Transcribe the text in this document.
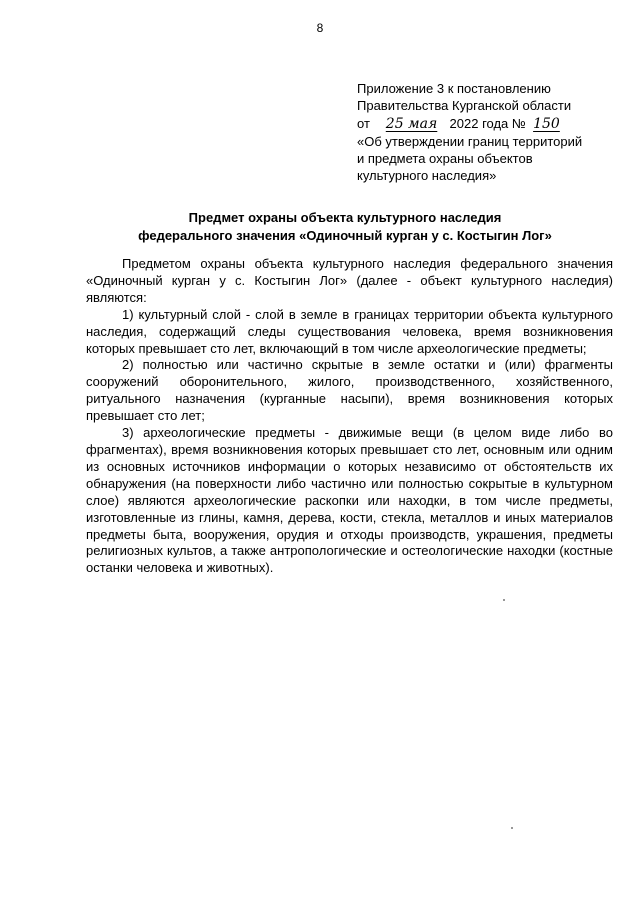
8
Приложение 3 к постановлению
Правительства Курганской области
от 25 мая 2022 года № 150
«Об утверждении границ территорий
и предмета охраны объектов
культурного наследия»
Предмет охраны объекта культурного наследия
федерального значения «Одиночный курган у с. Костыгин Лог»

Предметом охраны объекта культурного наследия федерального значения «Одиночный курган у с. Костыгин Лог» (далее - объект культурного наследия) являются:

1) культурный слой - слой в земле в границах территории объекта культурного наследия, содержащий следы существования человека, время возникновения которых превышает сто лет, включающий в том числе археологические предметы;

2) полностью или частично скрытые в земле остатки и (или) фрагменты сооружений оборонительного, жилого, производственного, хозяйственного, ритуального назначения (курганные насыпи), время возникновения которых превышает сто лет;

3) археологические предметы - движимые вещи (в целом виде либо во фрагментах), время возникновения которых превышает сто лет, основным или одним из основных источников информации о которых независимо от обстоятельств их обнаружения (на поверхности либо частично или полностью сокрытые в культурном слое) являются археологические раскопки или находки, в том числе предметы, изготовленные из глины, камня, дерева, кости, стекла, металлов и иных материалов предметы быта, вооружения, орудия и отходы производств, украшения, предметы религиозных культов, а также антропологические и остеологические находки (костные останки человека и животных).
